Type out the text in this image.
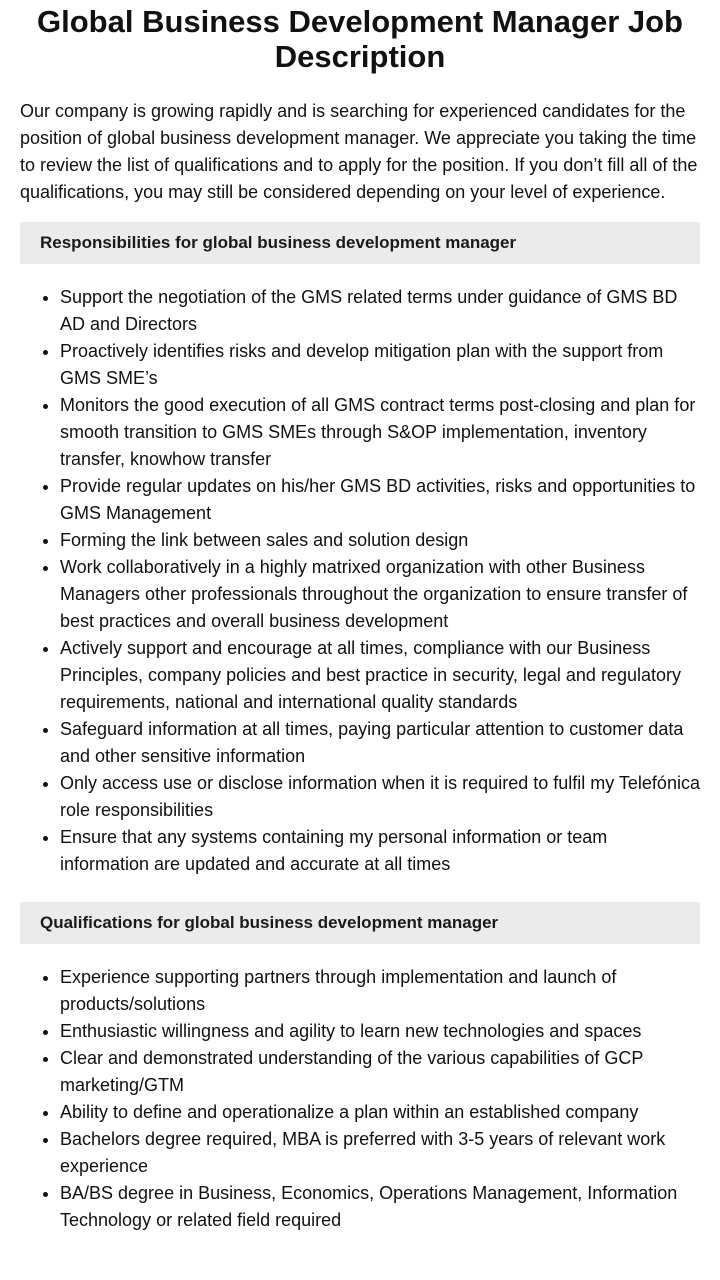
Global Business Development Manager Job Description

Our company is growing rapidly and is searching for experienced candidates for the position of global business development manager. We appreciate you taking the time to review the list of qualifications and to apply for the position. If you don’t fill all of the qualifications, you may still be considered depending on your level of experience.

Responsibilities for global business development manager
• Support the negotiation of the GMS related terms under guidance of GMS BD AD and Directors
• Proactively identifies risks and develop mitigation plan with the support from GMS SME’s
• Monitors the good execution of all GMS contract terms post-closing and plan for smooth transition to GMS SMEs through S&OP implementation, inventory transfer, knowhow transfer
• Provide regular updates on his/her GMS BD activities, risks and opportunities to GMS Management
• Forming the link between sales and solution design
• Work collaboratively in a highly matrixed organization with other Business Managers other professionals throughout the organization to ensure transfer of best practices and overall business development
• Actively support and encourage at all times, compliance with our Business Principles, company policies and best practice in security, legal and regulatory requirements, national and international quality standards
• Safeguard information at all times, paying particular attention to customer data and other sensitive information
• Only access use or disclose information when it is required to fulfil my Telefónica role responsibilities
• Ensure that any systems containing my personal information or team information are updated and accurate at all times
Qualifications for global business development manager
• Experience supporting partners through implementation and launch of products/solutions
• Enthusiastic willingness and agility to learn new technologies and spaces
• Clear and demonstrated understanding of the various capabilities of GCP marketing/GTM
• Ability to define and operationalize a plan within an established company
• Bachelors degree required, MBA is preferred with 3-5 years of relevant work experience
• BA/BS degree in Business, Economics, Operations Management, Information Technology or related field required
